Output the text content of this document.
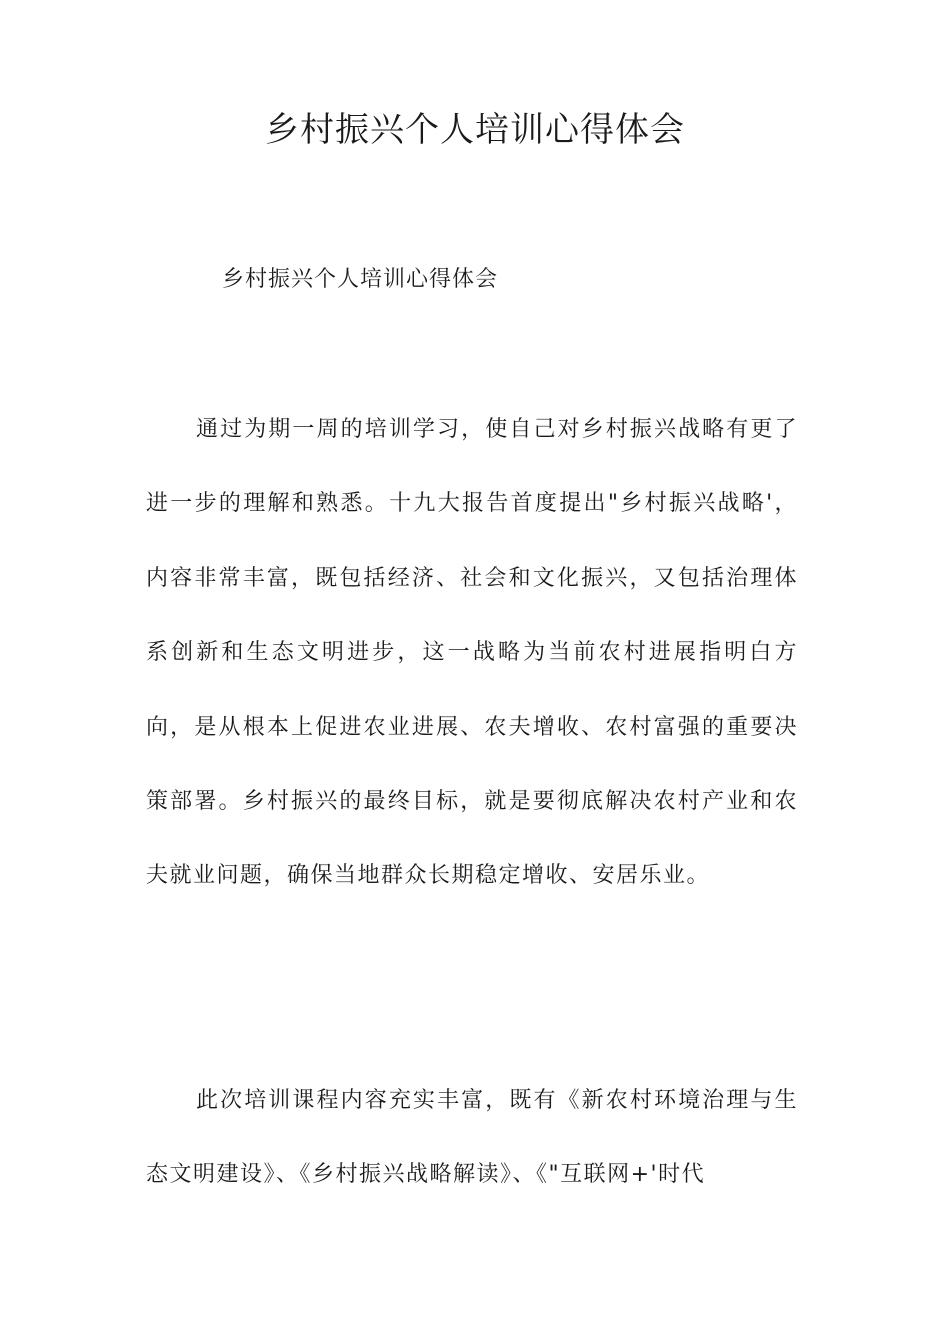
乡村振兴个人培训心得体会

乡村振兴个人培训心得体会

通过为期一周的培训学习，使自己对乡村振兴战略有更了进一步的理解和熟悉。十九大报告首度提出"乡村振兴战略'，内容非常丰富，既包括经济、社会和文化振兴，又包括治理体系创新和生态文明进步，这一战略为当前农村进展指明白方向，是从根本上促进农业进展、农夫增收、农村富强的重要决策部署。乡村振兴的最终目标，就是要彻底解决农村产业和农夫就业问题，确保当地群众长期稳定增收、安居乐业。

此次培训课程内容充实丰富，既有《新农村环境治理与生态文明建设》、《乡村振兴战略解读》、《"互联网+'时代
